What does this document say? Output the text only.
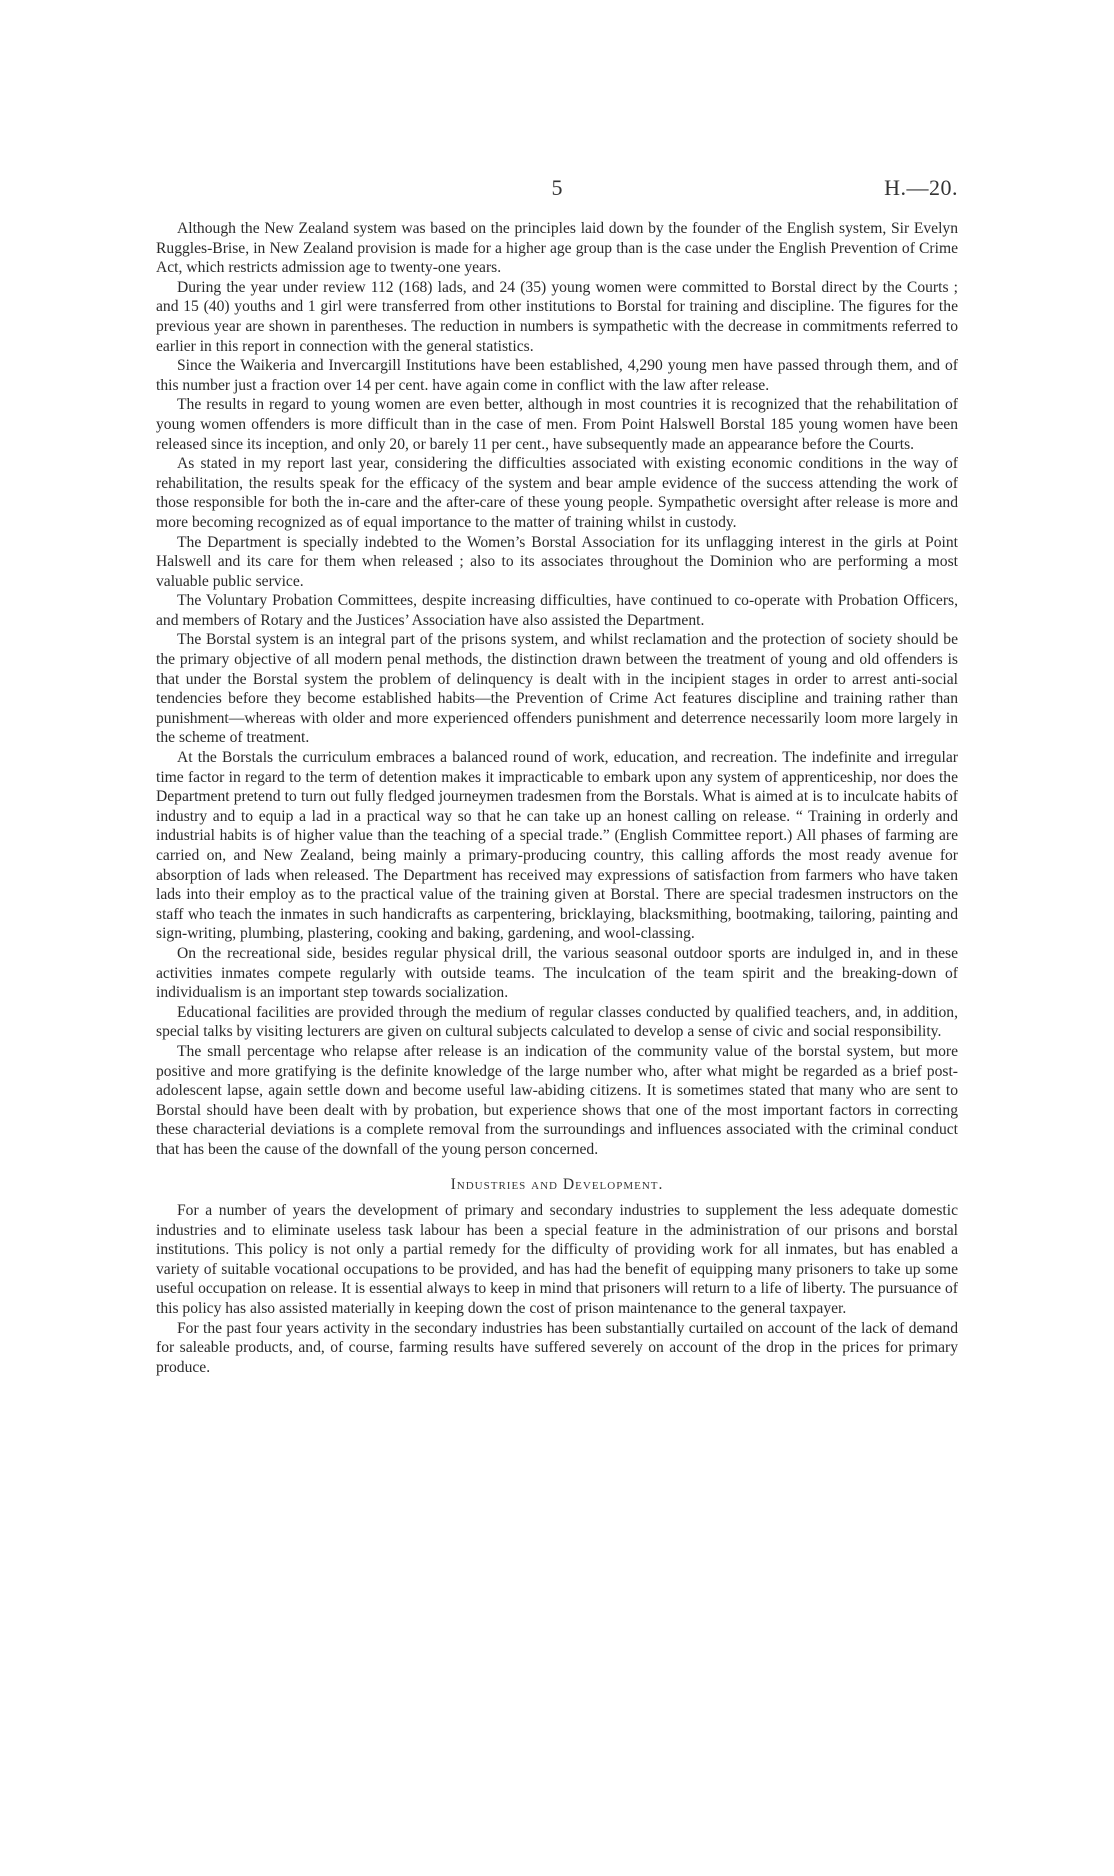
5	H.—20.

Although the New Zealand system was based on the principles laid down by the founder of the English system, Sir Evelyn Ruggles-Brise, in New Zealand provision is made for a higher age group than is the case under the English Prevention of Crime Act, which restricts admission age to twenty-one years.

During the year under review 112 (168) lads, and 24 (35) young women were committed to Borstal direct by the Courts ; and 15 (40) youths and 1 girl were transferred from other institutions to Borstal for training and discipline. The figures for the previous year are shown in parentheses. The reduction in numbers is sympathetic with the decrease in commitments referred to earlier in this report in connection with the general statistics.

Since the Waikeria and Invercargill Institutions have been established, 4,290 young men have passed through them, and of this number just a fraction over 14 per cent. have again come in conflict with the law after release.

The results in regard to young women are even better, although in most countries it is recognized that the rehabilitation of young women offenders is more difficult than in the case of men. From Point Halswell Borstal 185 young women have been released since its inception, and only 20, or barely 11 per cent., have subsequently made an appearance before the Courts.

As stated in my report last year, considering the difficulties associated with existing economic conditions in the way of rehabilitation, the results speak for the efficacy of the system and bear ample evidence of the success attending the work of those responsible for both the in-care and the after-care of these young people. Sympathetic oversight after release is more and more becoming recognized as of equal importance to the matter of training whilst in custody.

The Department is specially indebted to the Women’s Borstal Association for its unflagging interest in the girls at Point Halswell and its care for them when released ; also to its associates throughout the Dominion who are performing a most valuable public service.

The Voluntary Probation Committees, despite increasing difficulties, have continued to co-operate with Probation Officers, and members of Rotary and the Justices’ Association have also assisted the Department.

The Borstal system is an integral part of the prisons system, and whilst reclamation and the protection of society should be the primary objective of all modern penal methods, the distinction drawn between the treatment of young and old offenders is that under the Borstal system the problem of delinquency is dealt with in the incipient stages in order to arrest anti-social tendencies before they become established habits—the Prevention of Crime Act features discipline and training rather than punishment—whereas with older and more experienced offenders punishment and deterrence necessarily loom more largely in the scheme of treatment.

At the Borstals the curriculum embraces a balanced round of work, education, and recreation. The indefinite and irregular time factor in regard to the term of detention makes it impracticable to embark upon any system of apprenticeship, nor does the Department pretend to turn out fully fledged journeymen tradesmen from the Borstals. What is aimed at is to inculcate habits of industry and to equip a lad in a practical way so that he can take up an honest calling on release. “ Training in orderly and industrial habits is of higher value than the teaching of a special trade.” (English Committee report.) All phases of farming are carried on, and New Zealand, being mainly a primary-producing country, this calling affords the most ready avenue for absorption of lads when released. The Department has received may expressions of satisfaction from farmers who have taken lads into their employ as to the practical value of the training given at Borstal. There are special tradesmen instructors on the staff who teach the inmates in such handicrafts as carpentering, bricklaying, blacksmithing, bootmaking, tailoring, painting and sign-writing, plumbing, plastering, cooking and baking, gardening, and wool-classing.

On the recreational side, besides regular physical drill, the various seasonal outdoor sports are indulged in, and in these activities inmates compete regularly with outside teams. The inculcation of the team spirit and the breaking-down of individualism is an important step towards socialization.

Educational facilities are provided through the medium of regular classes conducted by qualified teachers, and, in addition, special talks by visiting lecturers are given on cultural subjects calculated to develop a sense of civic and social responsibility.

The small percentage who relapse after release is an indication of the community value of the borstal system, but more positive and more gratifying is the definite knowledge of the large number who, after what might be regarded as a brief post-adolescent lapse, again settle down and become useful law-abiding citizens. It is sometimes stated that many who are sent to Borstal should have been dealt with by probation, but experience shows that one of the most important factors in correcting these characterial deviations is a complete removal from the surroundings and influences associated with the criminal conduct that has been the cause of the downfall of the young person concerned.

Industries and Development.

For a number of years the development of primary and secondary industries to supplement the less adequate domestic industries and to eliminate useless task labour has been a special feature in the administration of our prisons and borstal institutions. This policy is not only a partial remedy for the difficulty of providing work for all inmates, but has enabled a variety of suitable vocational occupations to be provided, and has had the benefit of equipping many prisoners to take up some useful occupation on release. It is essential always to keep in mind that prisoners will return to a life of liberty. The pursuance of this policy has also assisted materially in keeping down the cost of prison maintenance to the general taxpayer.

For the past four years activity in the secondary industries has been substantially curtailed on account of the lack of demand for saleable products, and, of course, farming results have suffered severely on account of the drop in the prices for primary produce.
